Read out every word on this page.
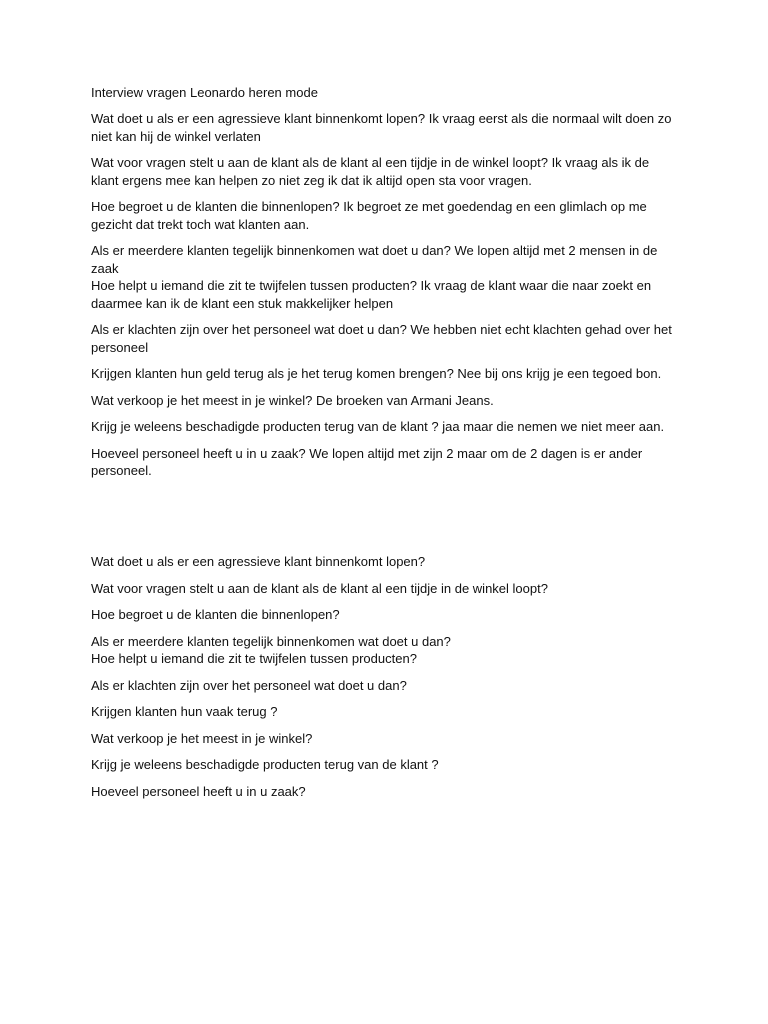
Interview vragen Leonardo heren mode
Wat doet u als er een agressieve klant binnenkomt lopen? Ik vraag eerst als die normaal wilt doen zo
niet kan hij de winkel verlaten
Wat voor vragen stelt u aan de klant als de klant al een tijdje in de winkel loopt? Ik vraag als ik de
klant ergens mee kan helpen zo niet zeg ik dat ik altijd open sta voor vragen.
Hoe begroet u de klanten die binnenlopen? Ik begroet ze met goedendag en een glimlach op me
gezicht dat trekt toch wat klanten aan.
Als er meerdere klanten tegelijk binnenkomen wat doet u dan? We lopen altijd met 2 mensen in de
zaak
Hoe helpt u iemand die zit te twijfelen tussen producten? Ik vraag de klant waar die naar zoekt en
daarmee kan ik de klant een stuk makkelijker helpen
Als er klachten zijn over het personeel wat doet u dan? We hebben niet echt klachten gehad over het
personeel
Krijgen klanten hun geld terug als je het terug komen brengen? Nee bij ons krijg je een tegoed bon.
Wat verkoop je het meest in je winkel? De broeken van Armani Jeans.
Krijg je weleens beschadigde producten terug van de klant ? jaa maar die nemen we niet meer aan.
Hoeveel personeel heeft u in u zaak? We lopen altijd met zijn 2 maar om de 2 dagen is er ander
personeel.
Wat doet u als er een agressieve klant binnenkomt lopen?
Wat voor vragen stelt u aan de klant als de klant al een tijdje in de winkel loopt?
Hoe begroet u de klanten die binnenlopen?
Als er meerdere klanten tegelijk binnenkomen wat doet u dan?
Hoe helpt u iemand die zit te twijfelen tussen producten?
Als er klachten zijn over het personeel wat doet u dan?
Krijgen klanten hun vaak terug ?
Wat verkoop je het meest in je winkel?
Krijg je weleens beschadigde producten terug van de klant ?
Hoeveel personeel heeft u in u zaak?
